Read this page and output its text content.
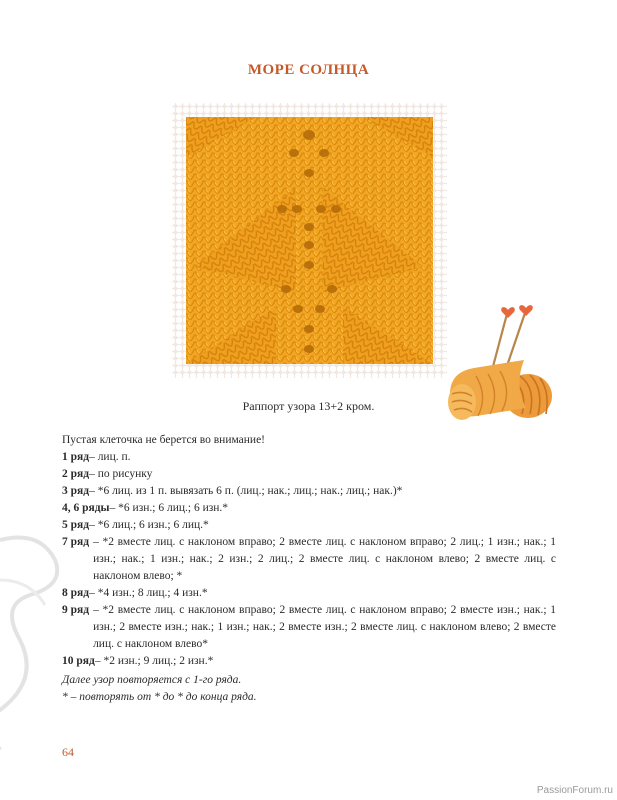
МОРЕ СОЛНЦА
Раппорт узора 13+2 кром.
Пустая клеточка не берется во внимание!
1 ряд – лиц. п.
2 ряд – по рисунку
3 ряд – *6 лиц. из 1 п. вывязать 6 п. (лиц.; нак.; лиц.; нак.; лиц.; нак.)*
4, 6 ряды – *6 изн.; 6 лиц.; 6 изн.*
5 ряд – *6 лиц.; 6 изн.; 6 лиц.*
7 ряд – *2 вместе лиц. с наклоном вправо; 2 вместе лиц. с наклоном вправо; 2 лиц.; 1 изн.; нак.; 1 изн.; нак.; 1 изн.; нак.; 2 изн.; 2 лиц.; 2 вместе лиц. с наклоном влево; 2 вместе лиц. с наклоном влево; *
8 ряд – *4 изн.; 8 лиц.; 4 изн.*
9 ряд – *2 вместе лиц. с наклоном вправо; 2 вместе лиц. с наклоном вправо; 2 вместе изн.; нак.; 1 изн.; 2 вместе изн.; нак.; 1 изн.; нак.; 2 вместе изн.; 2 вместе лиц. с наклоном влево; 2 вместе лиц. с наклоном влево*
10 ряд – *2 изн.; 9 лиц.; 2 изн.*
Далее узор повторяется с 1-го ряда.
* – повторять от * до * до конца ряда.
64
PassionForum.ru
